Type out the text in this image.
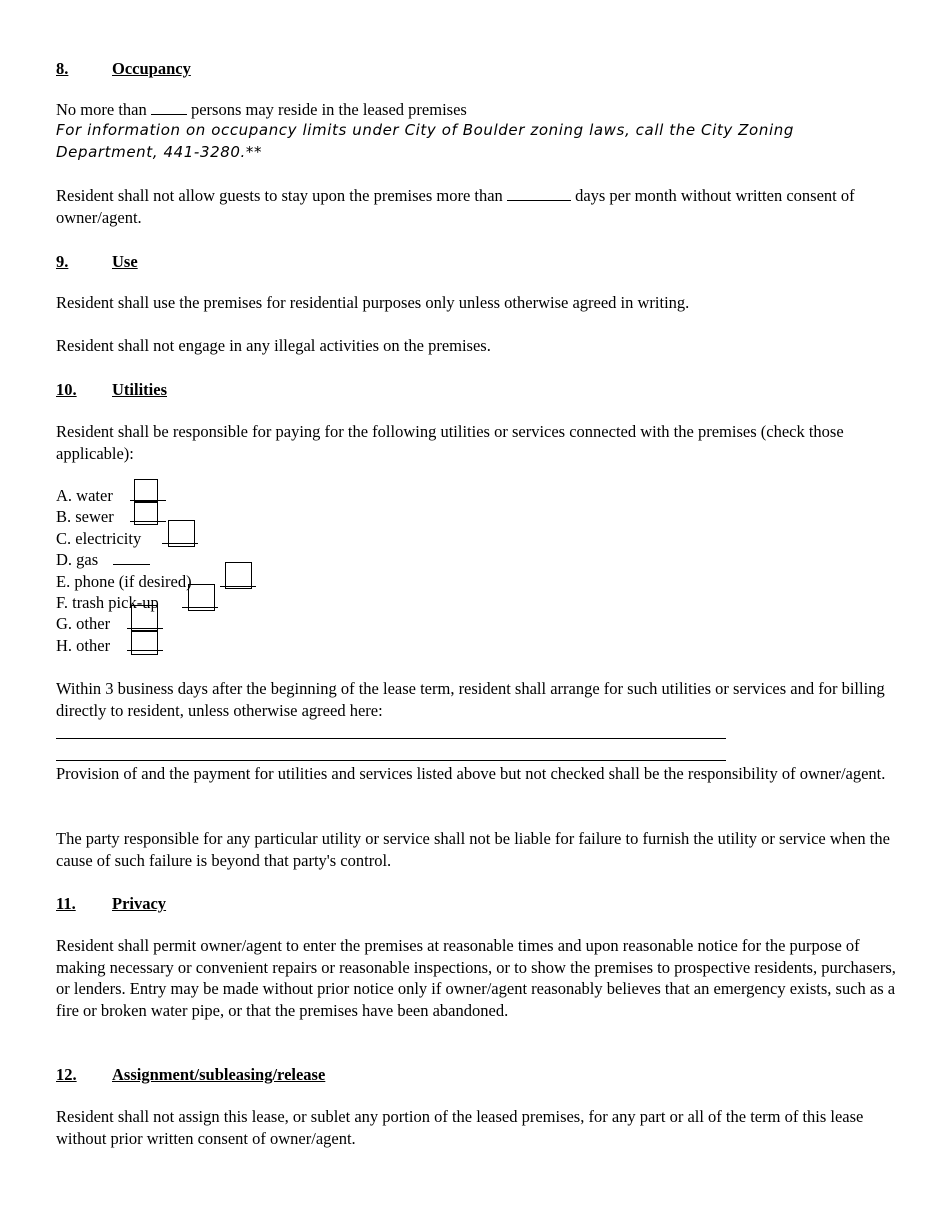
8.	Occupancy
No more than  persons may reside in the leased premises
For information on occupancy limits under City of Boulder zoning laws, call the City Zoning Department, 441-3280.**
Resident shall not allow guests to stay upon the premises more than	days per month without written consent of owner/agent.
9.	Use
Resident shall use the premises for residential purposes only unless otherwise agreed in writing.
Resident shall not engage in any illegal activities on the premises.
10. Utilities
Resident shall be responsible for paying for the following utilities or services connected with the premises (check those applicable):
A. water
B. sewer
C. electricity
D. gas
E. phone (if desired)
F. trash pick-up
G. other
H. other
Within 3 business days after the beginning of the lease term, resident shall arrange for such utilities or services and for billing directly to resident, unless otherwise agreed here:
Provision of and the payment for utilities and services listed above but not checked shall be the responsibility of owner/agent.
The party responsible for any particular utility or service shall not be liable for failure to furnish the utility or service when the cause of such failure is beyond that party's control.
11. Privacy
Resident shall permit owner/agent to enter the premises at reasonable times and upon reasonable notice for the purpose of making necessary or convenient repairs or reasonable inspections, or to show the premises to prospective residents, purchasers, or lenders. Entry may be made without prior notice only if owner/agent reasonably believes that an emergency exists, such as a fire or broken water pipe, or that the premises have been abandoned.
12. Assignment/subleasing/release
Resident shall not assign this lease, or sublet any portion of the leased premises, for any part or all of the term of this lease without prior written consent of owner/agent.
